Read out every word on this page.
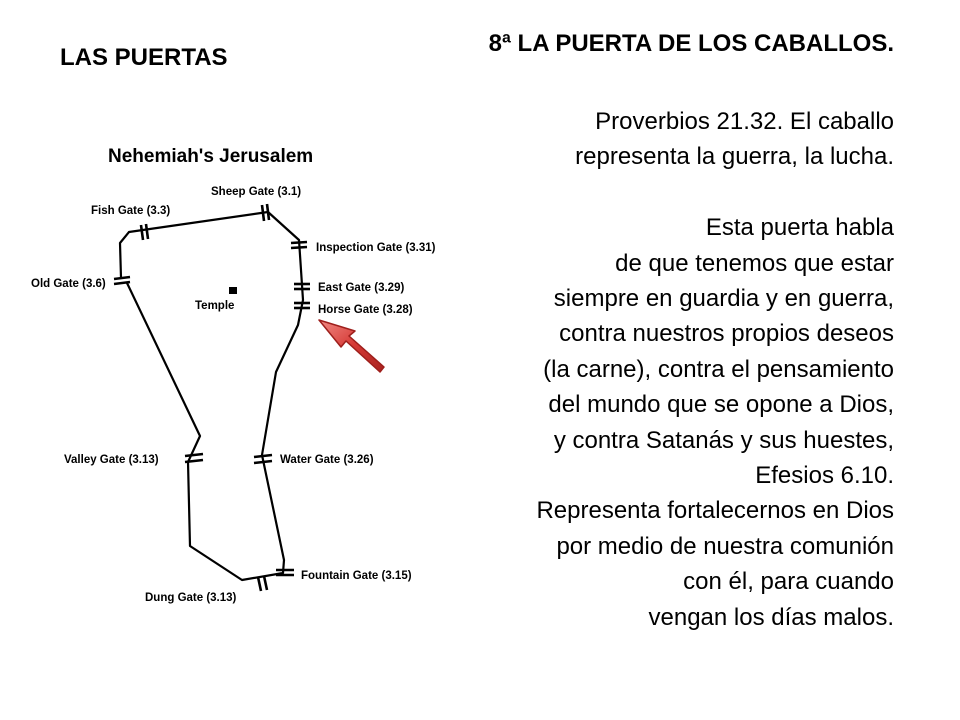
LAS PUERTAS
8ª LA PUERTA DE LOS CABALLOS.
Proverbios 21.32. El caballo
representa la guerra, la lucha.
Esta puerta habla
de que tenemos que estar
siempre en guardia y en guerra,
contra nuestros propios deseos
(la carne), contra el pensamiento
del mundo que se opone a Dios,
y contra Satanás y sus huestes,
Efesios 6.10.
Representa fortalecernos en Dios
por medio de nuestra comunión
con él, para cuando
vengan los días malos.
Nehemiah's Jerusalem
Temple
Sheep Gate (3.1)
Fish Gate (3.3)
Inspection Gate (3.31)
Old Gate (3.6)	East Gate (3.29)
Horse Gate (3.28)
Valley Gate (3.13)	Water Gate (3.26)
Fountain Gate (3.15)
Dung Gate (3.13)
